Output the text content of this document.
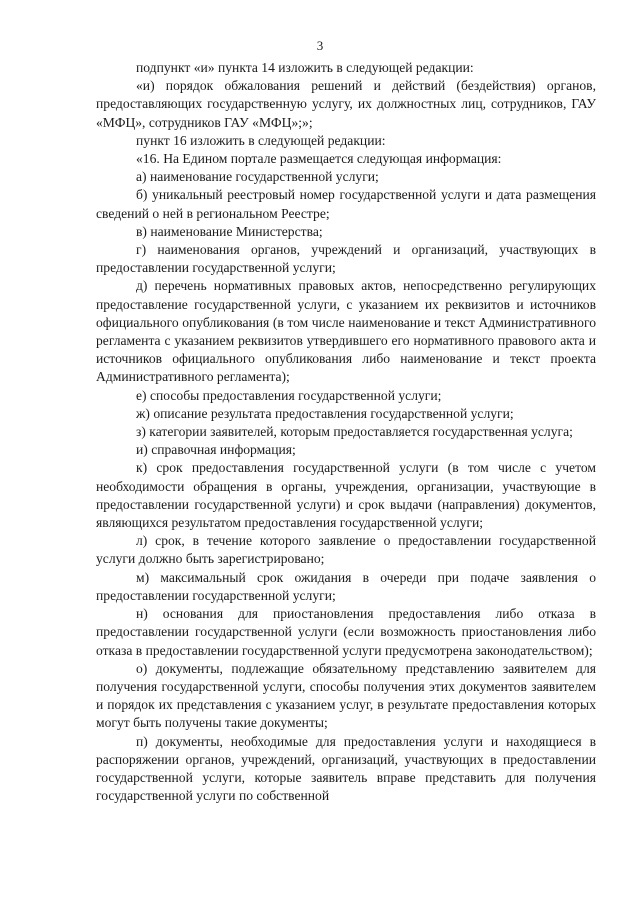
3

подпункт «и» пункта 14 изложить в следующей редакции:

«и) порядок обжалования решений и действий (бездействия) органов, предоставляющих государственную услугу, их должностных лиц, сотрудников, ГАУ «МФЦ», сотрудников ГАУ «МФЦ»;»;

пункт 16 изложить в следующей редакции:

«16. На Едином портале размещается следующая информация:

а) наименование государственной услуги;

б) уникальный реестровый номер государственной услуги и дата размещения сведений о ней в региональном Реестре;

в) наименование Министерства;

г) наименования органов, учреждений и организаций, участвующих в предоставлении государственной услуги;

д) перечень нормативных правовых актов, непосредственно регулирующих предоставление государственной услуги, с указанием их реквизитов и источников официального опубликования (в том числе наименование и текст Административного регламента с указанием реквизитов утвердившего его нормативного правового акта и источников официального опубликования либо наименование и текст проекта Административного регламента);

е) способы предоставления государственной услуги;

ж) описание результата предоставления государственной услуги;

з) категории заявителей, которым предоставляется государственная услуга;

и) справочная информация;

к) срок предоставления государственной услуги (в том числе с учетом необходимости обращения в органы, учреждения, организации, участвующие в предоставлении государственной услуги) и срок выдачи (направления) документов, являющихся результатом предоставления государственной услуги;

л) срок, в течение которого заявление о предоставлении государственной услуги должно быть зарегистрировано;

м) максимальный срок ожидания в очереди при подаче заявления о предоставлении государственной услуги;

н) основания для приостановления предоставления либо отказа в предоставлении государственной услуги (если возможность приостановления либо отказа в предоставлении государственной услуги предусмотрена законодательством);

о) документы, подлежащие обязательному представлению заявителем для получения государственной услуги, способы получения этих документов заявителем и порядок их представления с указанием услуг, в результате предоставления которых могут быть получены такие документы;

п) документы, необходимые для предоставления услуги и находящиеся в распоряжении органов, учреждений, организаций, участвующих в предоставлении государственной услуги, которые заявитель вправе представить для получения государственной услуги по собственной
